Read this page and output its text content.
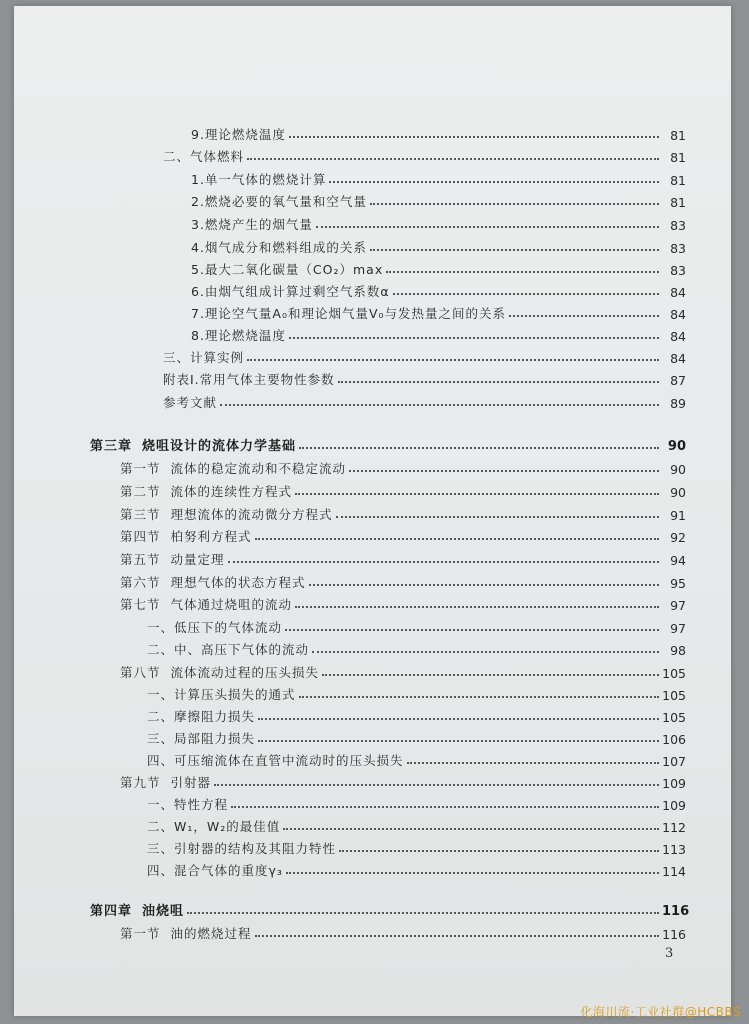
9.理论燃烧温度	81
二、气体燃料	81
1.单一气体的燃烧计算	81
2.燃烧必要的氧气量和空气量	81
3.燃烧产生的烟气量	83
4.烟气成分和燃料组成的关系	83
5.最大二氧化碳量（CO₂）max	83
6.由烟气组成计算过剩空气系数α	84
7.理论空气量A₀和理论烟气量V₀与发热量之间的关系	84
8.理论燃烧温度	84
三、计算实例	84
附表Ⅰ.常用气体主要物性参数	87
参考文献	89
第三章 烧咀设计的流体力学基础	90
第一节 流体的稳定流动和不稳定流动	90
第二节 流体的连续性方程式	90
第三节 理想流体的流动微分方程式	91
第四节 柏努利方程式	92
第五节 动量定理	94
第六节 理想气体的状态方程式	95
第七节 气体通过烧咀的流动	97
一、低压下的气体流动	97
二、中、高压下气体的流动	98
第八节 流体流动过程的压头损失	105
一、计算压头损失的通式	105
二、摩擦阻力损失	105
三、局部阻力损失	106
四、可压缩流体在直管中流动时的压头损失	107
第九节 引射器	109
一、特性方程	109
二、W₁，W₂的最佳值	112
三、引射器的结构及其阻力特性	113
四、混合气体的重度γ₃	114
第四章 油烧咀	116
第一节 油的燃烧过程	116
3
化海川流·工业社群@HCBBS
